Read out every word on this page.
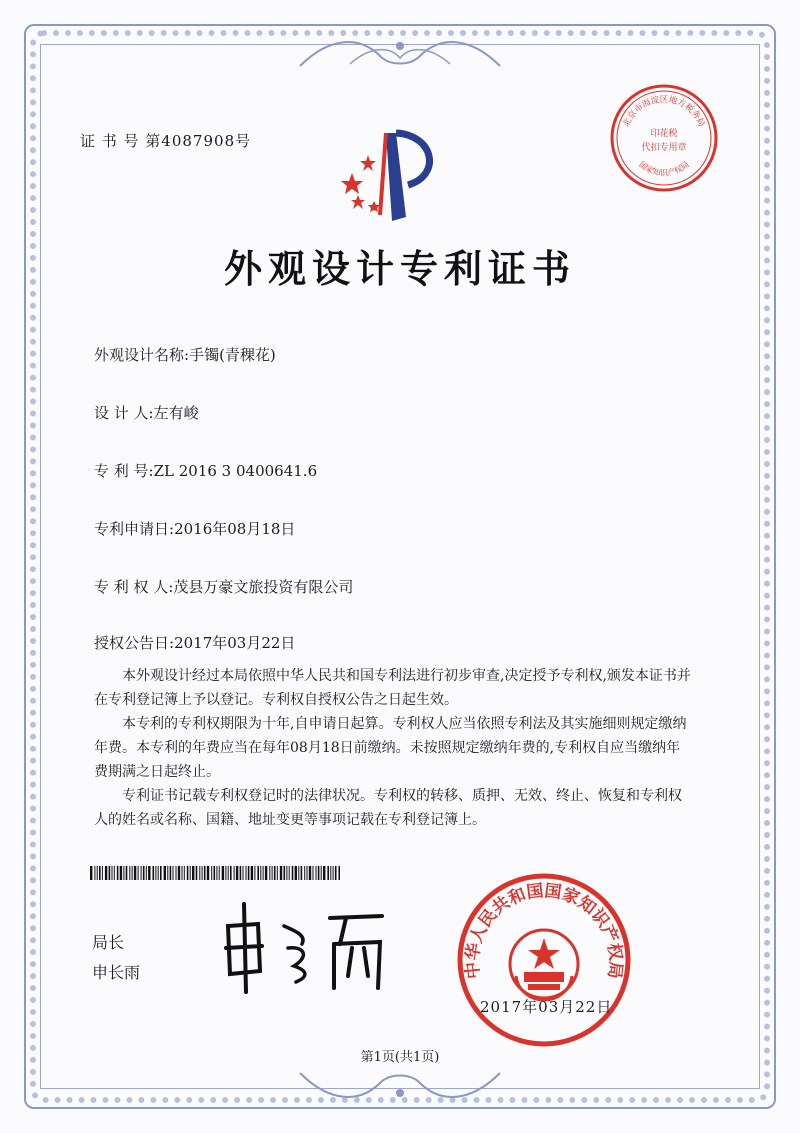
证 书 号 第4087908号
北京市海淀区地方税务局
印花税
代扣专用章
国家知识产权局
外观设计专利证书
外观设计名称:手镯(青稞花)
设 计 人:左有峻
专 利 号:ZL 2016 3 0400641.6
专利申请日:2016年08月18日
专 利 权 人:茂县万豪文旅投资有限公司
授权公告日:2017年03月22日

本外观设计经过本局依照中华人民共和国专利法进行初步审查,决定授予专利权,颁发本证书并在专利登记簿上予以登记。专利权自授权公告之日起生效。

本专利的专利权期限为十年,自申请日起算。专利权人应当依照专利法及其实施细则规定缴纳年费。本专利的年费应当在每年08月18日前缴纳。未按照规定缴纳年费的,专利权自应当缴纳年费期满之日起终止。

专利证书记载专利权登记时的法律状况。专利权的转移、质押、无效、终止、恢复和专利权人的姓名或名称、国籍、地址变更等事项记载在专利登记簿上。

局长
申长雨	中华人民共和国国家知识产权局
2017年03月22日
第1页(共1页)
